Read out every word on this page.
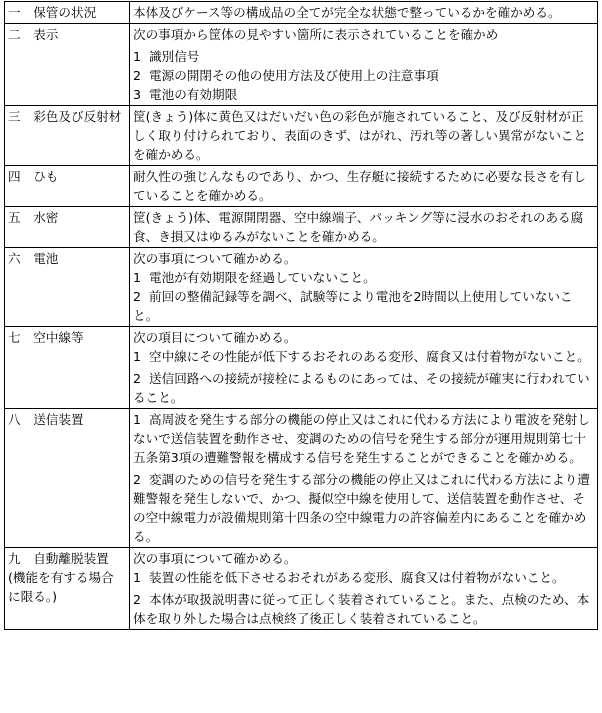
一　保管の状況	本体及びケース等の構成品の全てが完全な状態で整っているかを確かめる。

二　表示	次の事項から筐体の見やすい箇所に表示されていることを確かめ

1 識別信号

2 電源の開閉その他の使用方法及び使用上の注意事項

3 電池の有効期限

三　彩色及び反射材	筐(きょう)体に黄色又はだいだい色の彩色が施されていること、及び反射材が正しく取り付けられており、表面のきず、はがれ、汚れ等の著しい異常がないことを確かめる。

四　ひも	耐久性の強じんなものであり、かつ、生存艇に接続するために必要な長さを有していることを確かめる。

五　水密	筐(きょう)体、電源開閉器、空中線端子、パッキング等に浸水のおそれのある腐食、き損又はゆるみがないことを確かめる。

六　電池	次の事項について確かめる。

1 電池が有効期限を経過していないこと。

2 前回の整備記録等を調べ、試験等により電池を2時間以上使用していないこと。

七　空中線等	次の項目について確かめる。

1 空中線にその性能が低下するおそれのある変形、腐食又は付着物がないこと。

2 送信回路への接続が接栓によるものにあっては、その接続が確実に行われていること。

八　送信装置	1 高周波を発生する部分の機能の停止又はこれに代わる方法により電波を発射しないで送信装置を動作させ、変調のための信号を発生する部分が運用規則第七十五条第3項の遭難警報を構成する信号を発生することができることを確かめる。

2 変調のための信号を発生する部分の機能の停止又はこれに代わる方法により遭難警報を発生しないで、かつ、擬似空中線を使用して、送信装置を動作させ、その空中線電力が設備規則第十四条の空中線電力の許容偏差内にあることを確かめる。

九　自動離脱装置(機能を有する場合に限る。)	次の事項について確かめる。

1 装置の性能を低下させるおそれがある変形、腐食又は付着物がないこと。

2 本体が取扱説明書に従って正しく装着されていること。また、点検のため、本体を取り外した場合は点検終了後正しく装着されていること。
